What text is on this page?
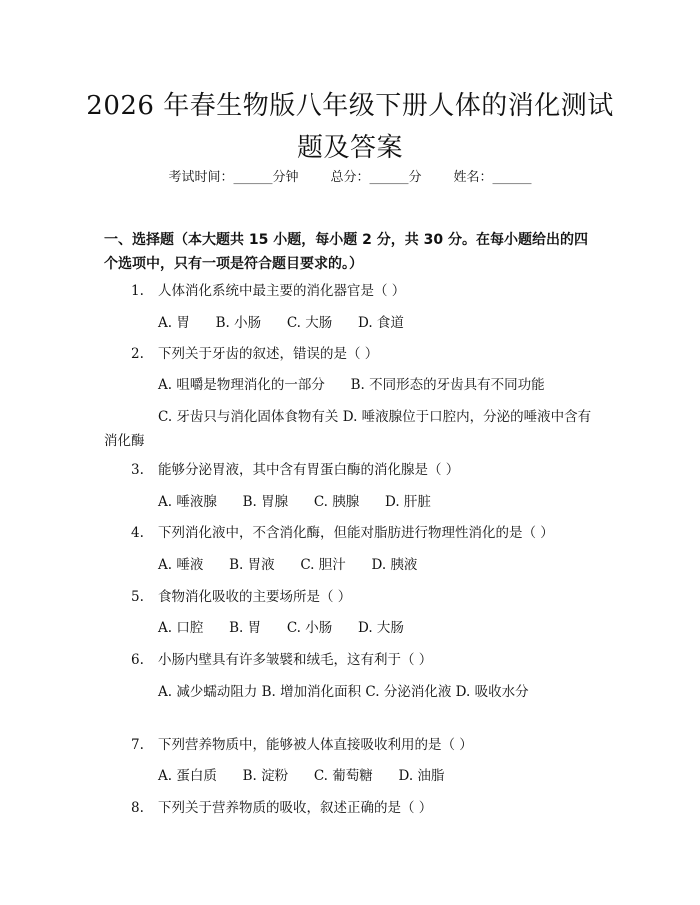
2026 年春生物版八年级下册人体的消化测试
题及答案
考试时间：______分钟 总分：______分 姓名：______
一、选择题（本大题共 15 小题，每小题 2 分，共 30 分。在每小题给出的四个选项中，只有一项是符合题目要求的。）
1. 人体消化系统中最主要的消化器官是（ ）
A. 胃      B. 小肠      C. 大肠      D. 食道
2. 下列关于牙齿的叙述，错误的是（ ）
A. 咀嚼是物理消化的一部分      B. 不同形态的牙齿具有不同功能
C. 牙齿只与消化固体食物有关 D. 唾液腺位于口腔内，分泌的唾液中含有消化酶
3. 能够分泌胃液，其中含有胃蛋白酶的消化腺是（ ）
A. 唾液腺      B. 胃腺      C. 胰腺      D. 肝脏
4. 下列消化液中，不含消化酶，但能对脂肪进行物理性消化的是（ ）
A. 唾液      B. 胃液      C. 胆汁      D. 胰液
5. 食物消化吸收的主要场所是（ ）
A. 口腔      B. 胃      C. 小肠      D. 大肠
6. 小肠内壁具有许多皱襞和绒毛，这有利于（ ）
A. 减少蠕动阻力 B. 增加消化面积 C. 分泌消化液 D. 吸收水分
7. 下列营养物质中，能够被人体直接吸收利用的是（ ）
A. 蛋白质      B. 淀粉      C. 葡萄糖      D. 油脂
8. 下列关于营养物质的吸收，叙述正确的是（ ）
